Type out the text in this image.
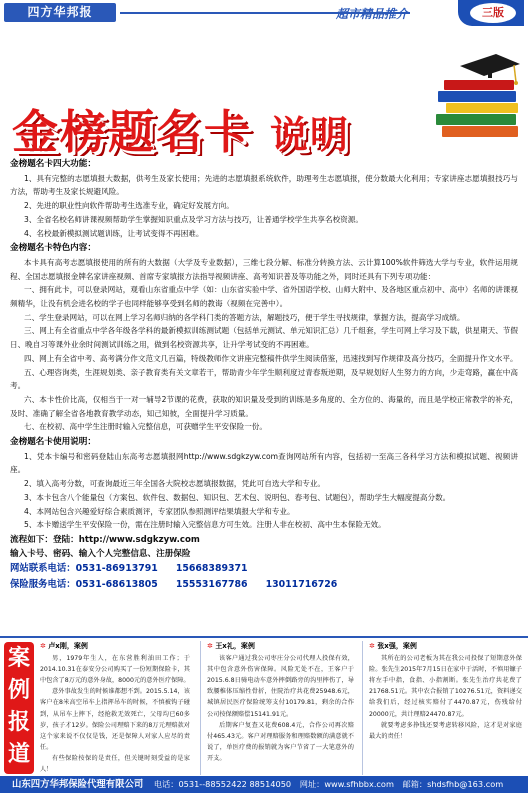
四方华邦报	超市精品推介	三版
金榜题名卡 说明
金榜题名卡四大功能：

1、具有完整的志愿填报大数据，供考生及家长使用；先进的志愿填报系统软件，助理考生志愿填报，使分数最大化利用；专家讲座志愿填报技巧与方法，帮助考生及家长规避风险。

2、先进的职业性向软件帮助考生选准专业，确定好发展方向。

3、全省名校名师讲课视频帮助学生掌握知识重点及学习方法与技巧，让普通学校学生共享名校资源。

4、名校最新模拟测试题训练，让考试变得不再困难。

金榜题名卡特色内容：

本卡具有高考志愿填报使用的所有的大数据（大学及专业数据），三维七段分解、标准分转换方法、云计算100%软件筛选大学与专业，软件运用规程、全国志愿填报金牌名家讲座视频、首席专家填报方法指导视频讲座、高考知识普及等功能之外，同时还具有下列专项功能：

一、拥有此卡，可以登录网站，观看山东省重点中学（如：山东省实验中学、省外国语学校、山师大附中、及各地区重点初中、高中）名师的讲课视频精华，让没有机会进名校的学子也同样能够享受到名师的教诲（视频在完善中）。

二、学生登录网站，可以在网上学习名师归纳的各学科门类的答题方法，解题技巧，便于学生寻找规律，掌握方法，提高学习成绩。

三、网上有全省重点中学各年级各学科的最新模拟训练测试题（包括单元测试、单元知识汇总）几千组套，学生可网上学习及下载，供星期天、节假日、晚自习等课外业余时间测试训练之用，做到名校资源共享，让升学考试变的不再困难。

四、网上有全省中考、高考满分作文范文几百篇，特级教师作文讲座完整稿件供学生阅读借鉴，迅速找到写作规律及高分技巧，全面提升作文水平。

五、心理咨询类，生涯规划类、亲子教育类有关文章若干，帮助青少年学生顺利度过青春叛逆期，及早规划好人生努力的方向，少走弯路，赢在中高考。

六、本卡性价比高，仅相当于一对一辅导2节课的花费，获取的知识量及受到的训练是多角度的、全方位的、海量的，而且是学校正常教学的补充，及时、准确了解全省各地教育教学动态，知己知彼，全面提升学习质量。

七、在校初、高中学生注册时输入完整信息，可获赠学生平安保险一份。

金榜题名卡使用说明：

1、凭本卡编号和密码登陆山东高考志愿填报网http://www.sdgkzyw.com查询网站所有内容，包括初一至高三各科学习方法和模拟试题、视频讲座。

2、填入高考分数，可查询最近三年全国各大院校志愿填报数据，凭此可自选大学和专业。

3、本卡包含八个能量包（方案包、软件包、数据包、知识包、艺术包、说明包、春考包、试题包），帮助学生大幅度提高分数。

4、本网站包含兴趣爱好综合素质测评，专家团队参照测评结果填报大学和专业。

5、本卡赠送学生平安保险一份，需在注册时输入完整信息方可生效。注册人非在校初、高中生本保险无效。

流程如下：登陆：http://www.sdgkzyw.com
输入卡号、密码、输入个人完整信息、注册保险
网站联系电话：0531-86913791 15668389371
保险服务电话：0531-68613805 15553167786 13011716726
案
例
报
道
✲ 卢x刚，案例

男，1979年生人，在东营胜利油田工作；于2014.10.31在泰安分公司购买了一份短期保险卡，其中包含了8万元的意外身故，8000元的意外医疗保障。

意外事故发生的时候谁都想不到。2015.5.14，该客户在8米高空吊车上指挥吊车的时候，不慎被钩子碰到，从吊车上摔下，经抢救无效死亡，父母均已60多岁，孩子才12岁。保险公司理赔下来的8万元理赔款对这个家来说不仅仅是钱，还是保障人对家人应尽的责任。

有些保险按保的是责任，但关键时刻受益的是家人！

✲ 王x礼，案例

该客户通过我公司枣庄分公司代理人投保有效，其中包含意外伤害保障。风险无处不在，王客户于2015.6.8日骑电动车意外摔倒路旁的沟里摔伤了，导致腰椎体压缩性骨折，住院治疗共花费25948.6元，城镇居民医疗保险统筹支付10179.81，剩余的合作公司按保额赔偿15141.91元。

后期客户复查又花费608.4元，合作公司再次赔付465.43元。客户对理赔服务和理赔数额的满意就不说了，单医疗费的报销就为客户节省了一大笔意外的开支。

✲ 张x强，案例

其所在的公司老板为其在我公司投保了短期意外保险。张先生2015年7月15日在家中于活时，不慎用镰子将左手中指，食指、小指割断。张先生治疗共花费了21768.51元。其中农合报销了10276.51元，资料递交给我们后，经过核实赔付了4470.87元，伤残给付20000元，共计理赔24470.87元。

就要考虑多挣钱还要考虑转移风险，这才是对家庭最大的责任！

山东四方华邦保险代理有限公司 电话：0531--88552422 88514050 网址：www.sfhbbx.com 邮箱：shdsfhb@163.com
